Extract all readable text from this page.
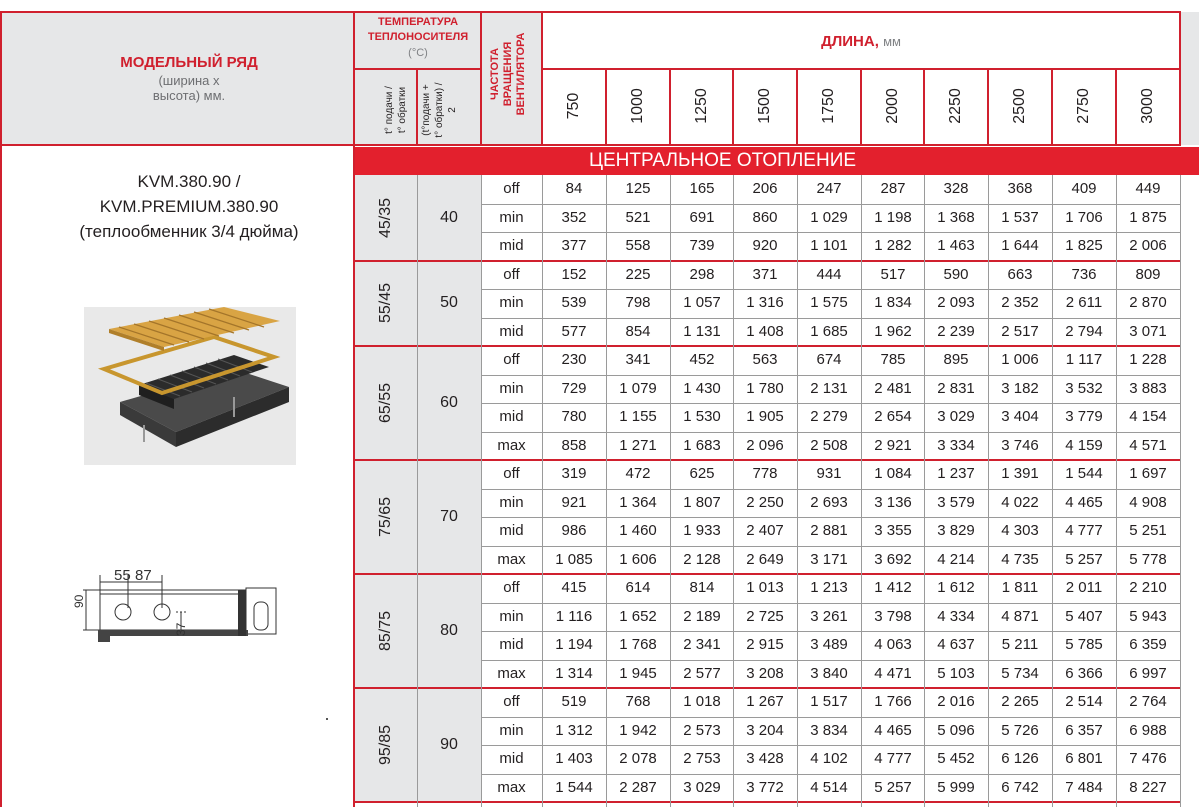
МОДЕЛЬНЫЙ РЯД
(ширина х
высота) мм.
ТЕМПЕРАТУРА
ТЕПЛОНОСИТЕЛЯ
(°C)
t° подачи / t° обратки (t°подачи + t° обратки) / 2
ЧАСТОТА ВРАЩЕНИЯ ВЕНТИЛЯТОРА	ДЛИНА, мм
750	1000	1250	1500	1750	2000	2250	2500	2750	3000
ЦЕНТРАЛЬНОЕ ОТОПЛЕНИЕ
KVM.380.90 /
KVM.PREMIUM.380.90
(теплообменник 3/4 дюйма)
55 87
90
37
45/35	40
off	84	125	165	206	247	287	328	368	409	449
min	352	521	691	860	1 029	1 198	1 368	1 537	1 706	1 875
mid	377	558	739	920	1 101	1 282	1 463	1 644	1 825	2 006
55/45	50
off	152	225	298	371	444	517	590	663	736	809
min	539	798	1 057	1 316	1 575	1 834	2 093	2 352	2 611	2 870
mid	577	854	1 131	1 408	1 685	1 962	2 239	2 517	2 794	3 071
65/55	60
off	230	341	452	563	674	785	895	1 006	1 117	1 228
min	729	1 079	1 430	1 780	2 131	2 481	2 831	3 182	3 532	3 883
mid	780	1 155	1 530	1 905	2 279	2 654	3 029	3 404	3 779	4 154
max	858	1 271	1 683	2 096	2 508	2 921	3 334	3 746	4 159	4 571
75/65	70
off	319	472	625	778	931	1 084	1 237	1 391	1 544	1 697
min	921	1 364	1 807	2 250	2 693	3 136	3 579	4 022	4 465	4 908
mid	986	1 460	1 933	2 407	2 881	3 355	3 829	4 303	4 777	5 251
max	1 085	1 606	2 128	2 649	3 171	3 692	4 214	4 735	5 257	5 778
85/75	80
off	415	614	814	1 013	1 213	1 412	1 612	1 811	2 011	2 210
min	1 116	1 652	2 189	2 725	3 261	3 798	4 334	4 871	5 407	5 943
mid	1 194	1 768	2 341	2 915	3 489	4 063	4 637	5 211	5 785	6 359
max	1 314	1 945	2 577	3 208	3 840	4 471	5 103	5 734	6 366	6 997
95/85	90
off	519	768	1 018	1 267	1 517	1 766	2 016	2 265	2 514	2 764
min	1 312	1 942	2 573	3 204	3 834	4 465	5 096	5 726	6 357	6 988
mid	1 403	2 078	2 753	3 428	4 102	4 777	5 452	6 126	6 801	7 476
max	1 544	2 287	3 029	3 772	4 514	5 257	5 999	6 742	7 484	8 227
